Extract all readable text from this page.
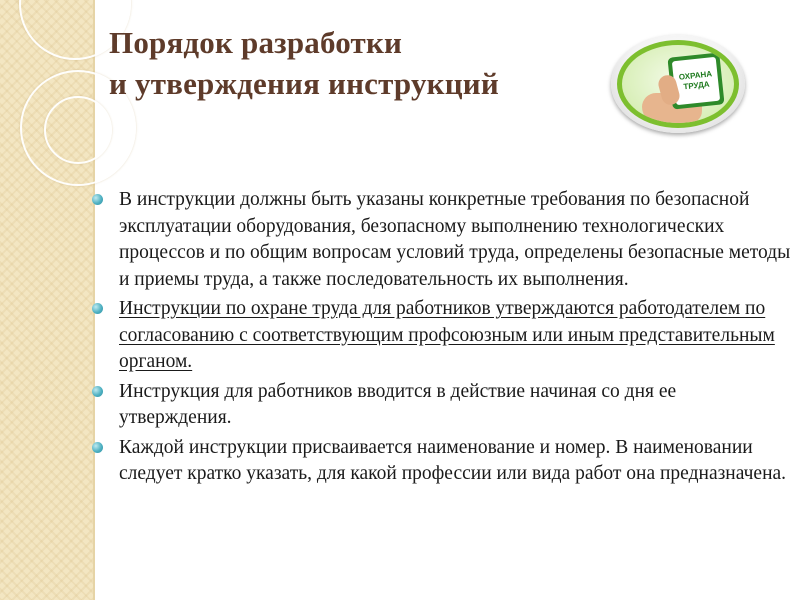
Порядок разработки
и утверждения инструкций	ОХРАНА
ТРУДА
В инструкции должны быть указаны конкретные требования по безопасной эксплуатации оборудования, безопасному выполнению технологических процессов и по общим вопросам условий труда, определены безопасные методы и приемы труда, а также последовательность их выполнения.
Инструкции по охране труда для работников утверждаются работодателем по согласованию с соответствующим профсоюзным или иным представительным органом.
Инструкция для работников вводится в действие начиная со дня ее утверждения.
Каждой инструкции присваивается наименование и номер. В наименовании следует кратко указать, для какой профессии или вида работ она предназначена.
